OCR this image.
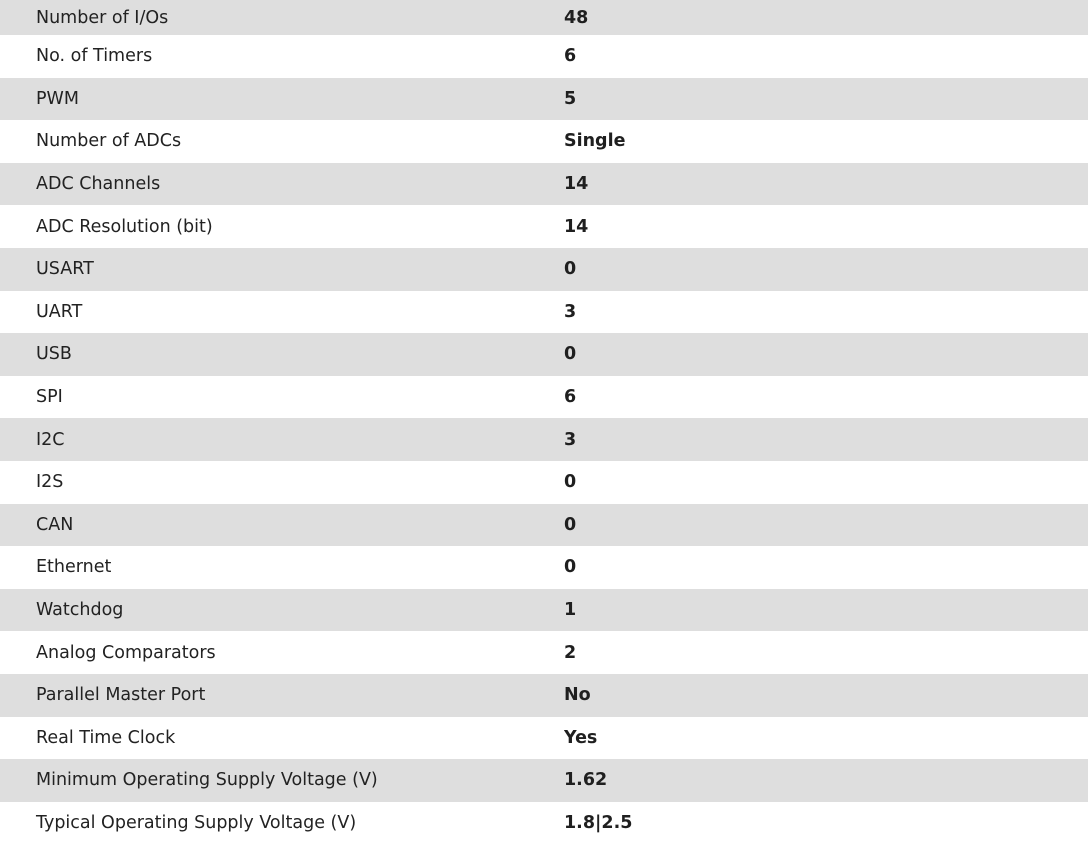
Number of I/Os	48
No. of Timers	6
PWM	5
Number of ADCs	Single
ADC Channels	14
ADC Resolution (bit)	14
USART	0
UART	3
USB	0
SPI	6
I2C	3
I2S	0
CAN	0
Ethernet	0
Watchdog	1
Analog Comparators	2
Parallel Master Port	No
Real Time Clock	Yes
Minimum Operating Supply Voltage (V)	1.62
Typical Operating Supply Voltage (V)	1.8|2.5
